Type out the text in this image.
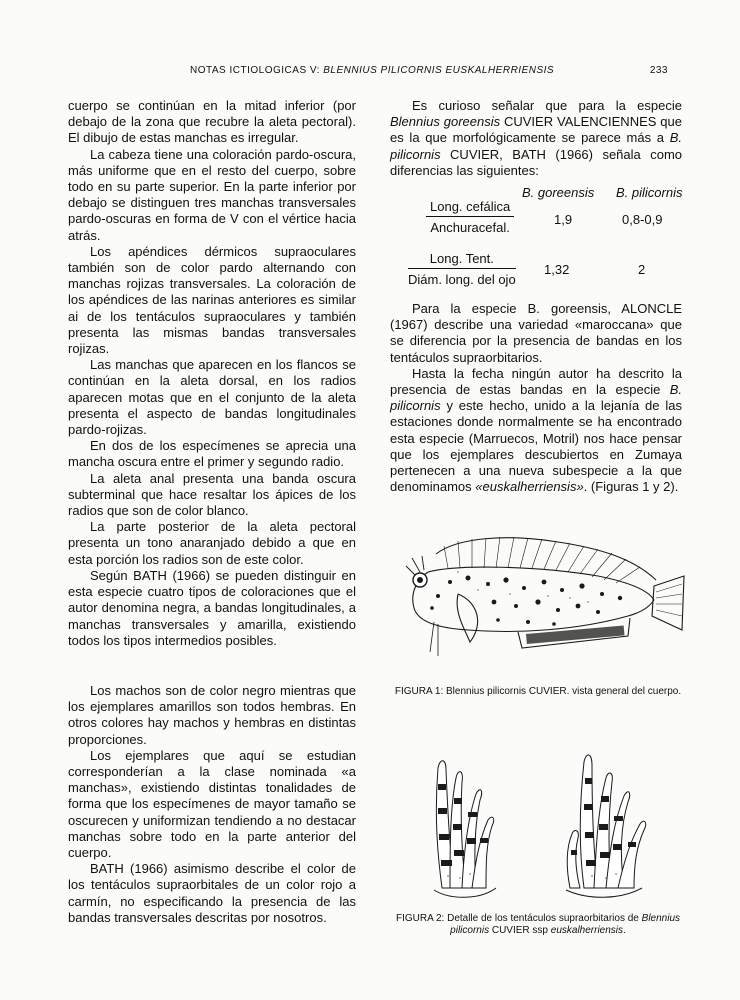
NOTAS ICTIOLOGICAS V: BLENNIUS PILICORNIS EUSKALHERRIENSIS	233

cuerpo se continúan en la mitad inferior (por debajo de la zona que recubre la aleta pectoral). El dibujo de estas manchas es irregular.

La cabeza tiene una coloración pardo-oscura, más uniforme que en el resto del cuerpo, sobre todo en su parte superior. En la parte inferior por debajo se distinguen tres manchas transversales pardo-oscuras en forma de V con el vértice hacia atrás.

Los apéndices dérmicos supraoculares también son de color pardo alternando con manchas rojizas transversales. La coloración de los apéndices de las narinas anteriores es similar ai de los tentáculos supraoculares y también presenta las mismas bandas transversales rojizas.

Las manchas que aparecen en los flancos se continúan en la aleta dorsal, en los radios aparecen motas que en el conjunto de la aleta presenta el aspecto de bandas longitudinales pardo-rojizas.

En dos de los especímenes se aprecia una mancha oscura entre el primer y segundo radio.

La aleta anal presenta una banda oscura subterminal que hace resaltar los ápices de los radios que son de color blanco.

La parte posterior de la aleta pectoral presenta un tono anaranjado debido a que en esta porción los radios son de este color.

Según BATH (1966) se pueden distinguir en esta especie cuatro tipos de coloraciones que el autor denomina negra, a bandas longitudinales, a manchas transversales y amarilla, existiendo todos los tipos intermedios posibles.

Los machos son de color negro mientras que los ejemplares amarillos son todos hembras. En otros colores hay machos y hembras en distintas proporciones.

Los ejemplares que aquí se estudian corresponderían a la clase nominada «a manchas», existiendo distintas tonalidades de forma que los especímenes de mayor tamaño se oscurecen y uniformizan tendiendo a no destacar manchas sobre todo en la parte anterior del cuerpo.

BATH (1966) asimismo describe el color de los tentáculos supraorbitales de un color rojo a carmín, no especificando la presencia de las bandas transversales descritas por nosotros.

Es curioso señalar que para la especie Blennius goreensis CUVIER VALENCIENNES que es la que morfológicamente se parece más a B. pilicornis CUVIER, BATH (1966) señala como diferencias las siguientes:

B. goreensis B. pilicornis
Long. cefálica
Anchuracefal.
1,9	0,8-0,9
Long. Tent.
Diám. long. del ojo
1,32	2

Para la especie B. goreensis, ALONCLE (1967) describe una variedad «maroccana» que se diferencia por la presencia de bandas en los tentáculos supraorbitarios.

Hasta la fecha ningún autor ha descrito la presencia de estas bandas en la especie B. pilicornis y este hecho, unido a la lejanía de las estaciones donde normalmente se ha encontrado esta especie (Marruecos, Motril) nos hace pensar que los ejemplares descubiertos en Zumaya pertenecen a una nueva subespecie a la que denominamos «euskalherriensis». (Figuras 1 y 2).

FIGURA 1: Blennius pilicornis CUVIER. vista general del cuerpo.
FIGURA 2: Detalle de los tentáculos supraorbitarios de Blennius pilicornis CUVIER ssp euskalherriensis.
